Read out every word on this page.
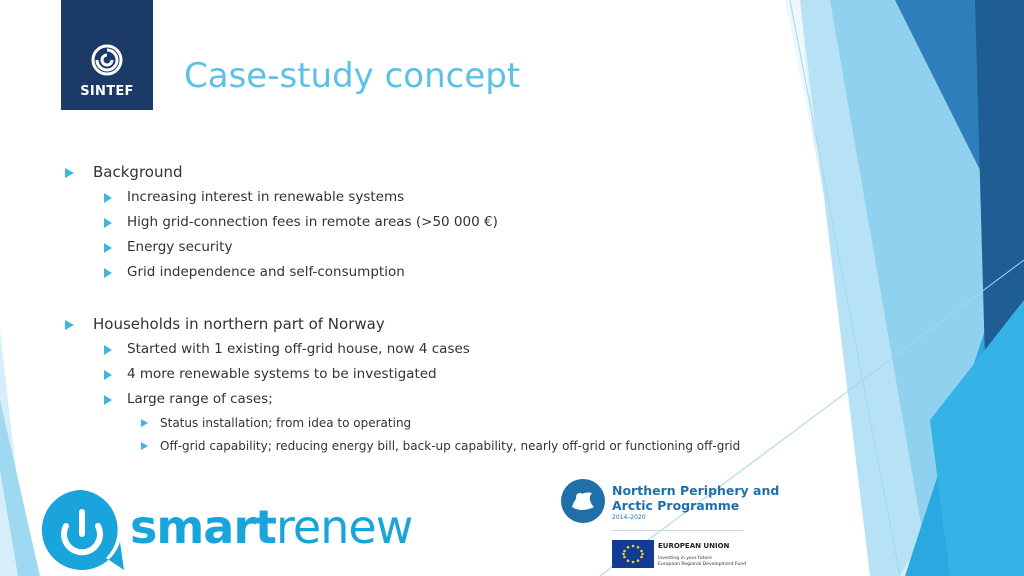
SINTEF	Case-study concept
Background
Increasing interest in renewable systems
High grid-connection fees in remote areas (>50 000 €)
Energy security
Grid independence and self-consumption
Households in northern part of Norway
Started with 1 existing off-grid house, now 4 cases
4 more renewable systems to be investigated
Large range of cases;
Status installation; from idea to operating
Off-grid capability; reducing energy bill, back-up capability, nearly off-grid or functioning off-grid
smartrenew
Northern Periphery and
Arctic Programme
2014–2020
EUROPEAN UNION
Investing in your future
European Regional Development Fund
